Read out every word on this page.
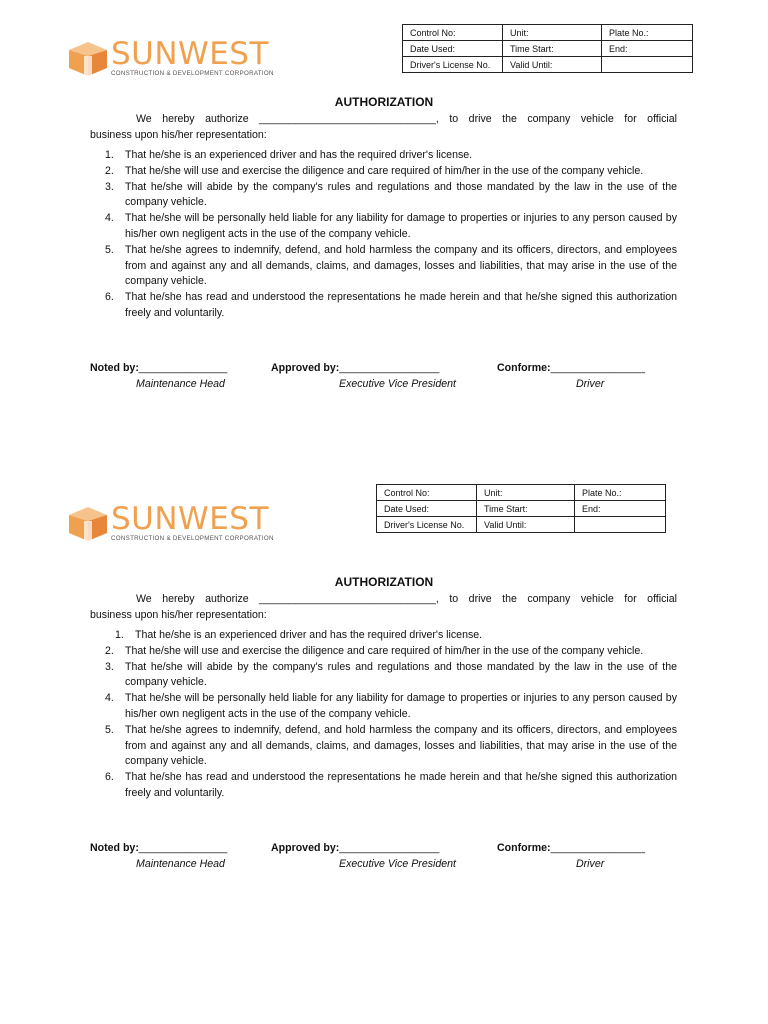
SUNWEST
CONSTRUCTION & DEVELOPMENT CORPORATION
Control No:	Unit:	Plate No.:
Date Used:	Time Start:	End:
Driver's License No.	Valid Until:	
AUTHORIZATION
We hereby authorize ______________________________, to drive the company vehicle for official
business upon his/her representation:
1.	That he/she is an experienced driver and has the required driver's license.
2.	That he/she will use and exercise the diligence and care required of him/her in the use of the company vehicle.
3.	That he/she will abide by the company's rules and regulations and those mandated by the law in the use of the company vehicle.
4.	That he/she will be personally held liable for any liability for damage to properties or injuries to any person caused by his/her own negligent acts in the use of the company vehicle.
5.	That he/she agrees to indemnify, defend, and hold harmless the company and its officers, directors, and employees from and against any and all demands, claims, and damages, losses and liabilities, that may arise in the use of the company vehicle.
6.	That he/she has read and understood the representations he made herein and that he/she signed this authorization freely and voluntarily.
Noted by:_______________
Maintenance Head
Approved by:_________________
Executive Vice President
Conforme:________________
Driver
SUNWEST
CONSTRUCTION & DEVELOPMENT CORPORATION
Control No:	Unit:	Plate No.:
Date Used:	Time Start:	End:
Driver's License No.	Valid Until:	
AUTHORIZATION
We hereby authorize ______________________________, to drive the company vehicle for official
business upon his/her representation:
1.	That he/she is an experienced driver and has the required driver's license.
2.	That he/she will use and exercise the diligence and care required of him/her in the use of the company vehicle.
3.	That he/she will abide by the company's rules and regulations and those mandated by the law in the use of the company vehicle.
4.	That he/she will be personally held liable for any liability for damage to properties or injuries to any person caused by his/her own negligent acts in the use of the company vehicle.
5.	That he/she agrees to indemnify, defend, and hold harmless the company and its officers, directors, and employees from and against any and all demands, claims, and damages, losses and liabilities, that may arise in the use of the company vehicle.
6.	That he/she has read and understood the representations he made herein and that he/she signed this authorization freely and voluntarily.
Noted by:_______________
Maintenance Head
Approved by:_________________
Executive Vice President
Conforme:________________
Driver
